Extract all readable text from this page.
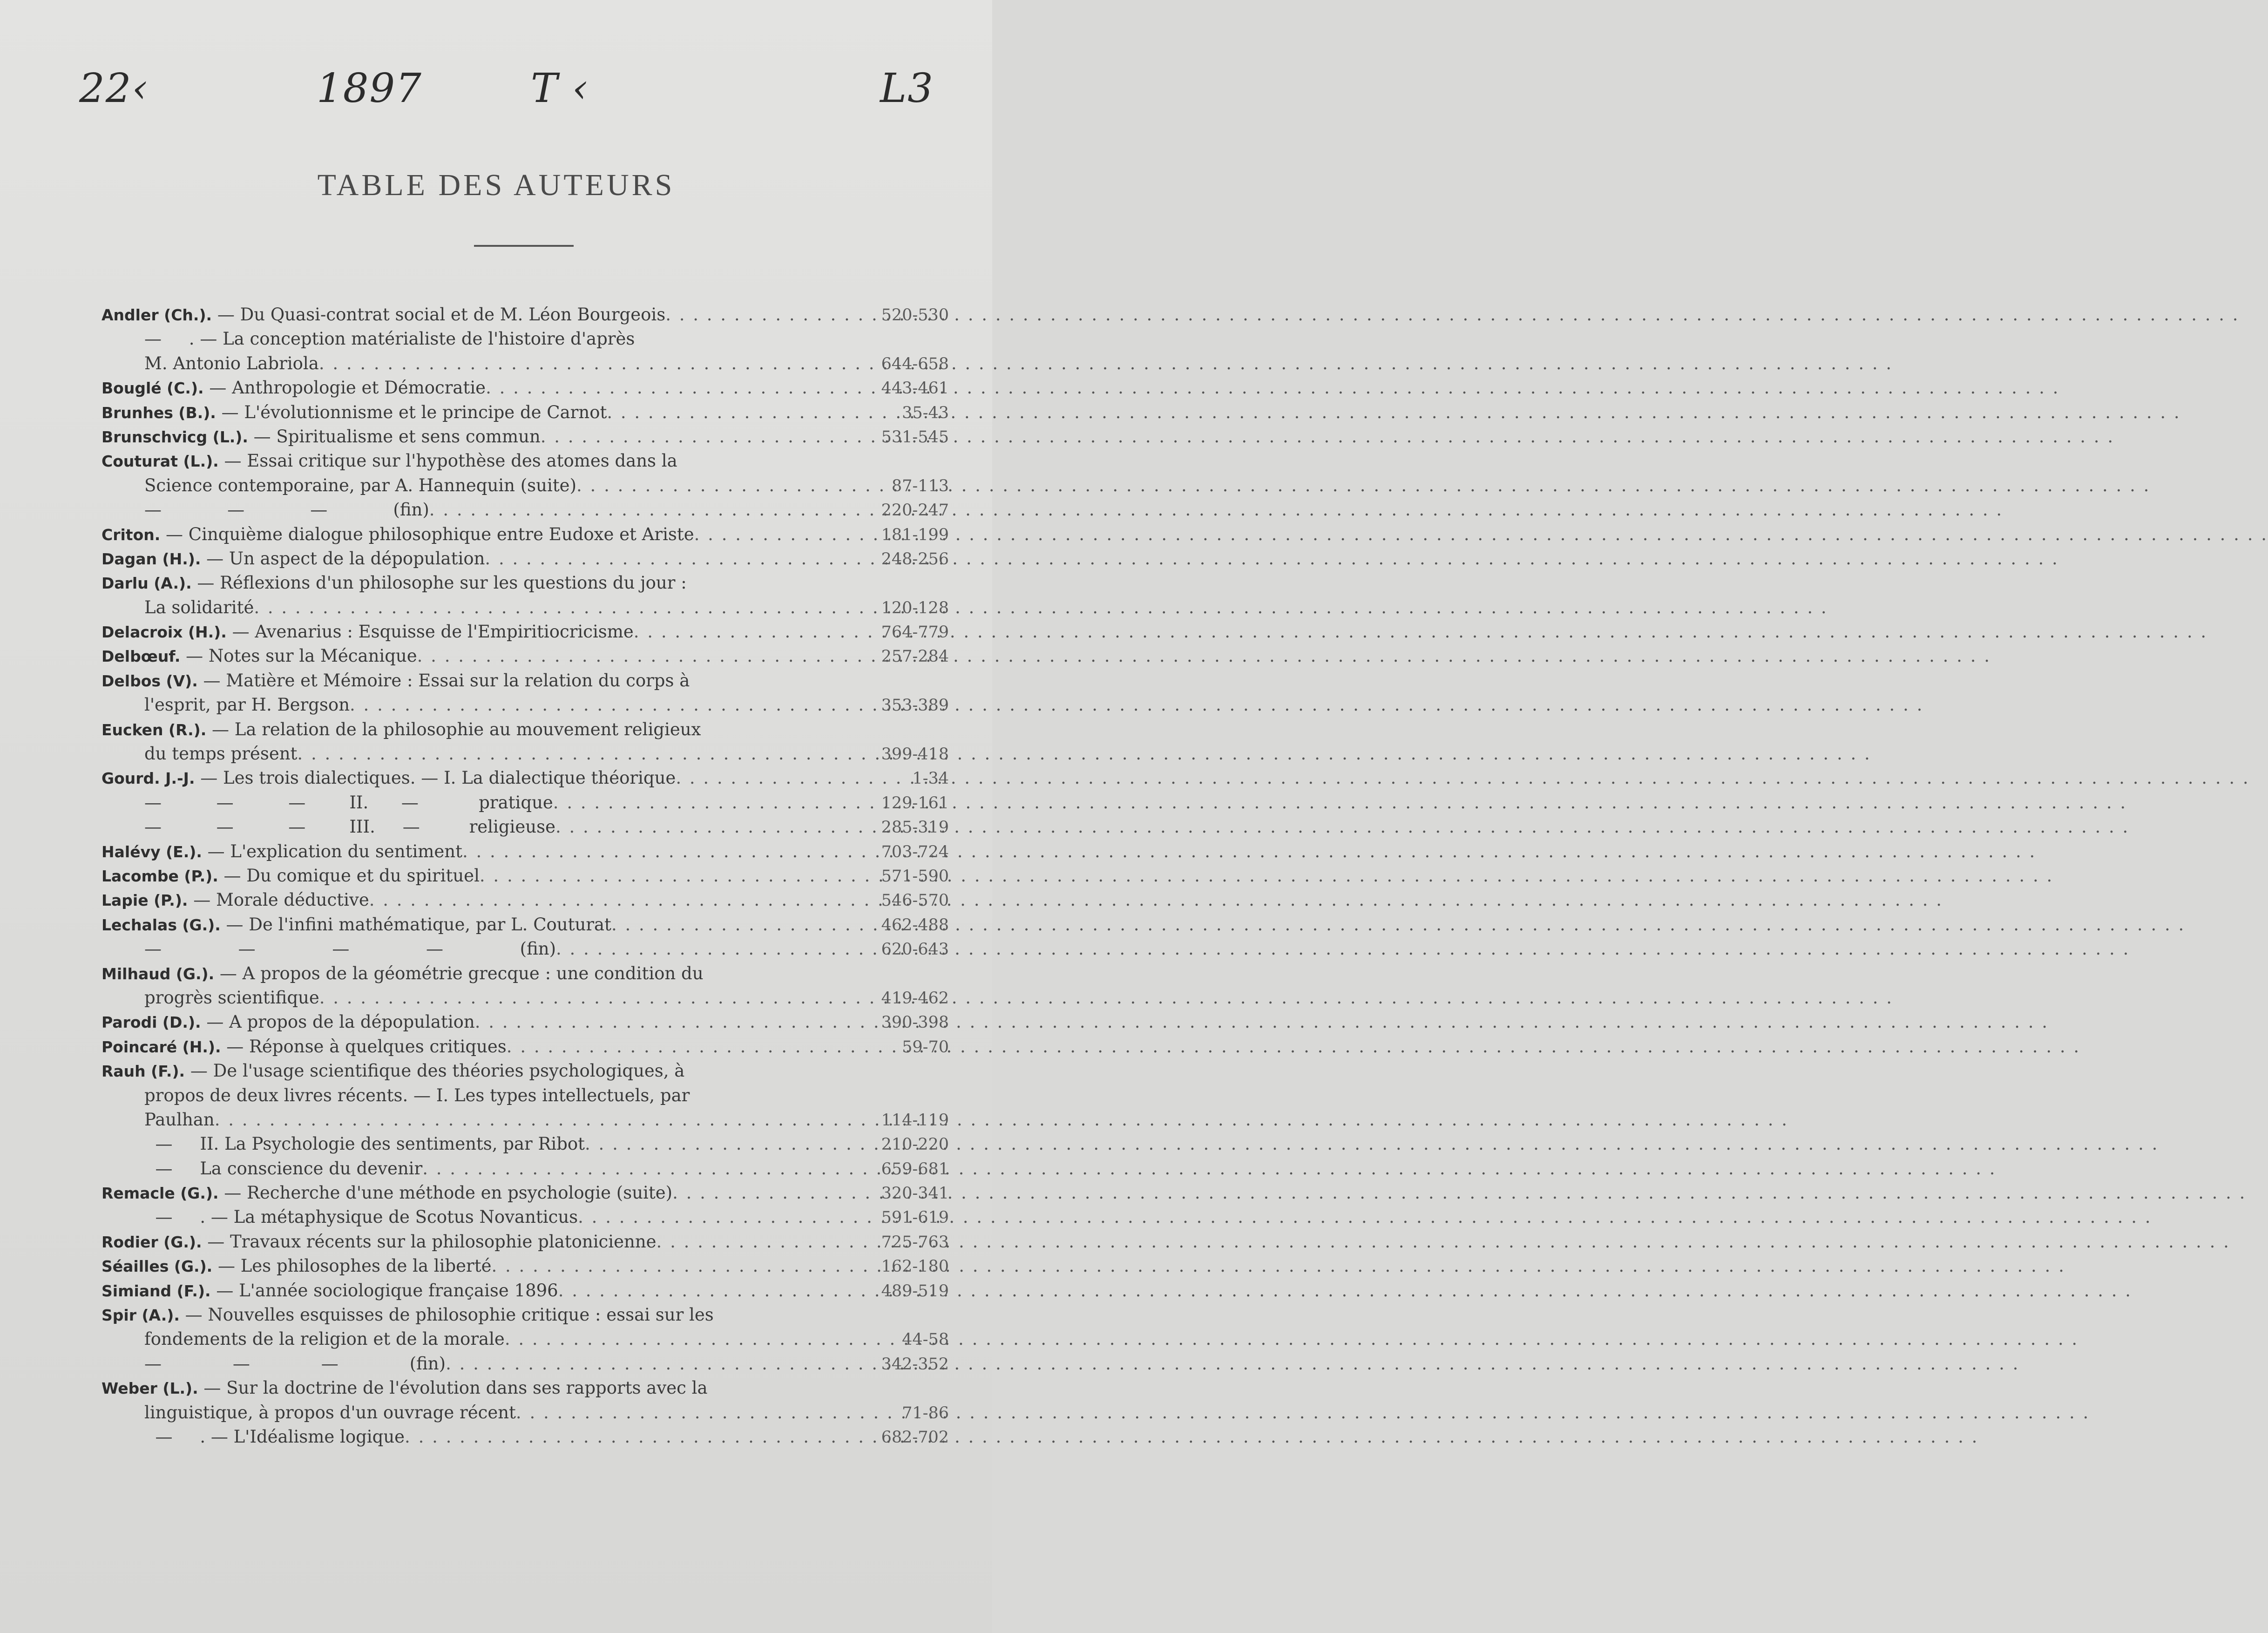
22‹	1897	T ‹	L3
TABLE DES AUTEURS
Andler (Ch.). — Du Quasi-contrat social et de M. Léon Bourgeois . . .	520-530
—     . — La conception matérialiste de l'histoire d'après
M. Antonio Labriola . . .	644-658
Bouglé (C.). — Anthropologie et Démocratie . . .	443-461
Brunhes (B.). — L'évolutionnisme et le principe de Carnot . . .	35-43
Brunschvicg (L.). — Spiritualisme et sens commun . . .	531-545
Couturat (L.). — Essai critique sur l'hypothèse des atomes dans la
Science contemporaine, par A. Hannequin (suite) . . .	87-113
—            —            —            (fin) . . .	220-247
Criton. — Cinquième dialogue philosophique entre Eudoxe et Ariste . . .	181-199
Dagan (H.). — Un aspect de la dépopulation . . .	248-256
Darlu (A.). — Réflexions d'un philosophe sur les questions du jour :
La solidarité . . .	120-128
Delacroix (H.). — Avenarius : Esquisse de l'Empiritiocricisme . . .	764-779
Delbœuf. — Notes sur la Mécanique . . .	257-284
Delbos (V). — Matière et Mémoire : Essai sur la relation du corps à
l'esprit, par H. Bergson . . .	353-389
Eucken (R.). — La relation de la philosophie au mouvement religieux
du temps présent . . .	399-418
Gourd. J.-J. — Les trois dialectiques. — I. La dialectique théorique . . .	1-34
—          —          —        II.      —           pratique . . .	129-161
—          —          —        III.     —         religieuse . . .	285-319
Halévy (E.). — L'explication du sentiment . . .	703-724
Lacombe (P.). — Du comique et du spirituel . . .	571-590
Lapie (P.). — Morale déductive . . .	546-570
Lechalas (G.). — De l'infini mathématique, par L. Couturat . . .	462-488
—              —              —              —              (fin) . . .	620-643
Milhaud (G.). — A propos de la géométrie grecque : une condition du
progrès scientifique . . .	419-462
Parodi (D.). — A propos de la dépopulation . . .	390-398
Poincaré (H.). — Réponse à quelques critiques . . .	59-70
Rauh (F.). — De l'usage scientifique des théories psychologiques, à
propos de deux livres récents. — I. Les types intellectuels, par
Paulhan . . .	114-119
—     II. La Psychologie des sentiments, par Ribot . . .	210-220
—     La conscience du devenir . . .	659-681
Remacle (G.). — Recherche d'une méthode en psychologie (suite) . . .	320-341
—     . — La métaphysique de Scotus Novanticus . . .	591-619
Rodier (G.). — Travaux récents sur la philosophie platonicienne . . .	725-763
Séailles (G.). — Les philosophes de la liberté . . .	162-180
Simiand (F.). — L'année sociologique française 1896 . . .	489-519
Spir (A.). — Nouvelles esquisses de philosophie critique : essai sur les
fondements de la religion et de la morale . . .	44-58
—             —             —             (fin) . . .	342-352
Weber (L.). — Sur la doctrine de l'évolution dans ses rapports avec la
linguistique, à propos d'un ouvrage récent . . .	71-86
—     . — L'Idéalisme logique . . .	682-702
